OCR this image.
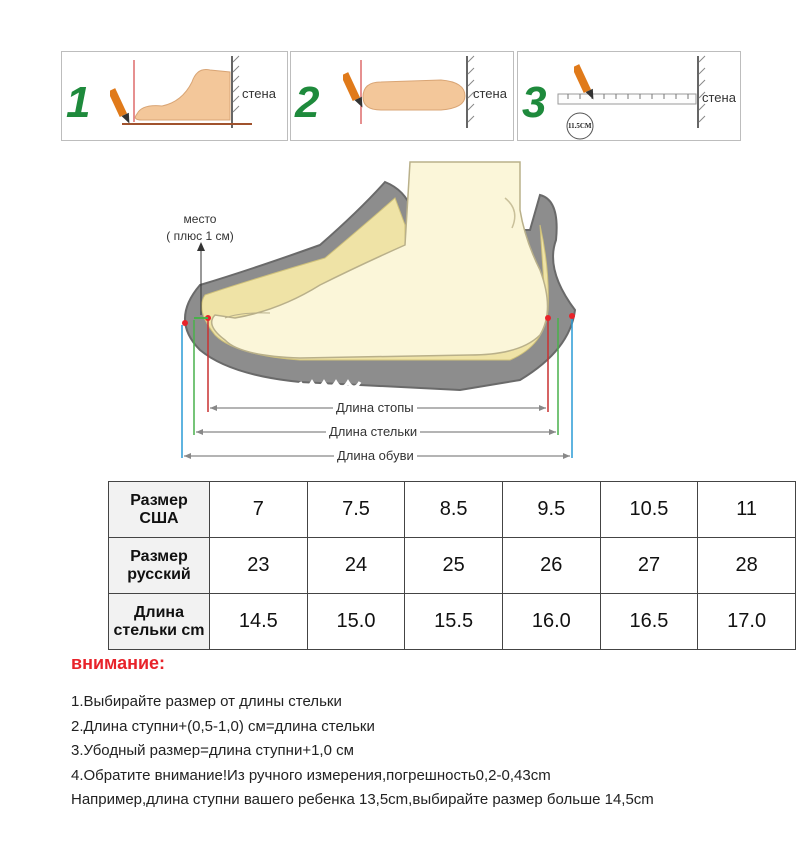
1	стена 2	стена 3	11.5CM
стена
место
( плюс 1 см)
Длина стопы
Длина стельки
Длина обуви
Размер США	7	7.5	8.5	9.5	10.5	11
Размер русский	23	24	25	26	27	28
Длина стельки cm	14.5	15.0	15.5	16.0	16.5	17.0
внимание:
1.Выбирайте размер от длины стельки
2.Длина ступни+(0,5-1,0) см=длина стельки
3.Убодный размер=длина ступни+1,0 см
4.Обратите внимание!Из ручного измерения,погрешность0,2-0,43cm
Например,длина ступни вашего ребенка 13,5cm,выбирайте размер больше 14,5cm
